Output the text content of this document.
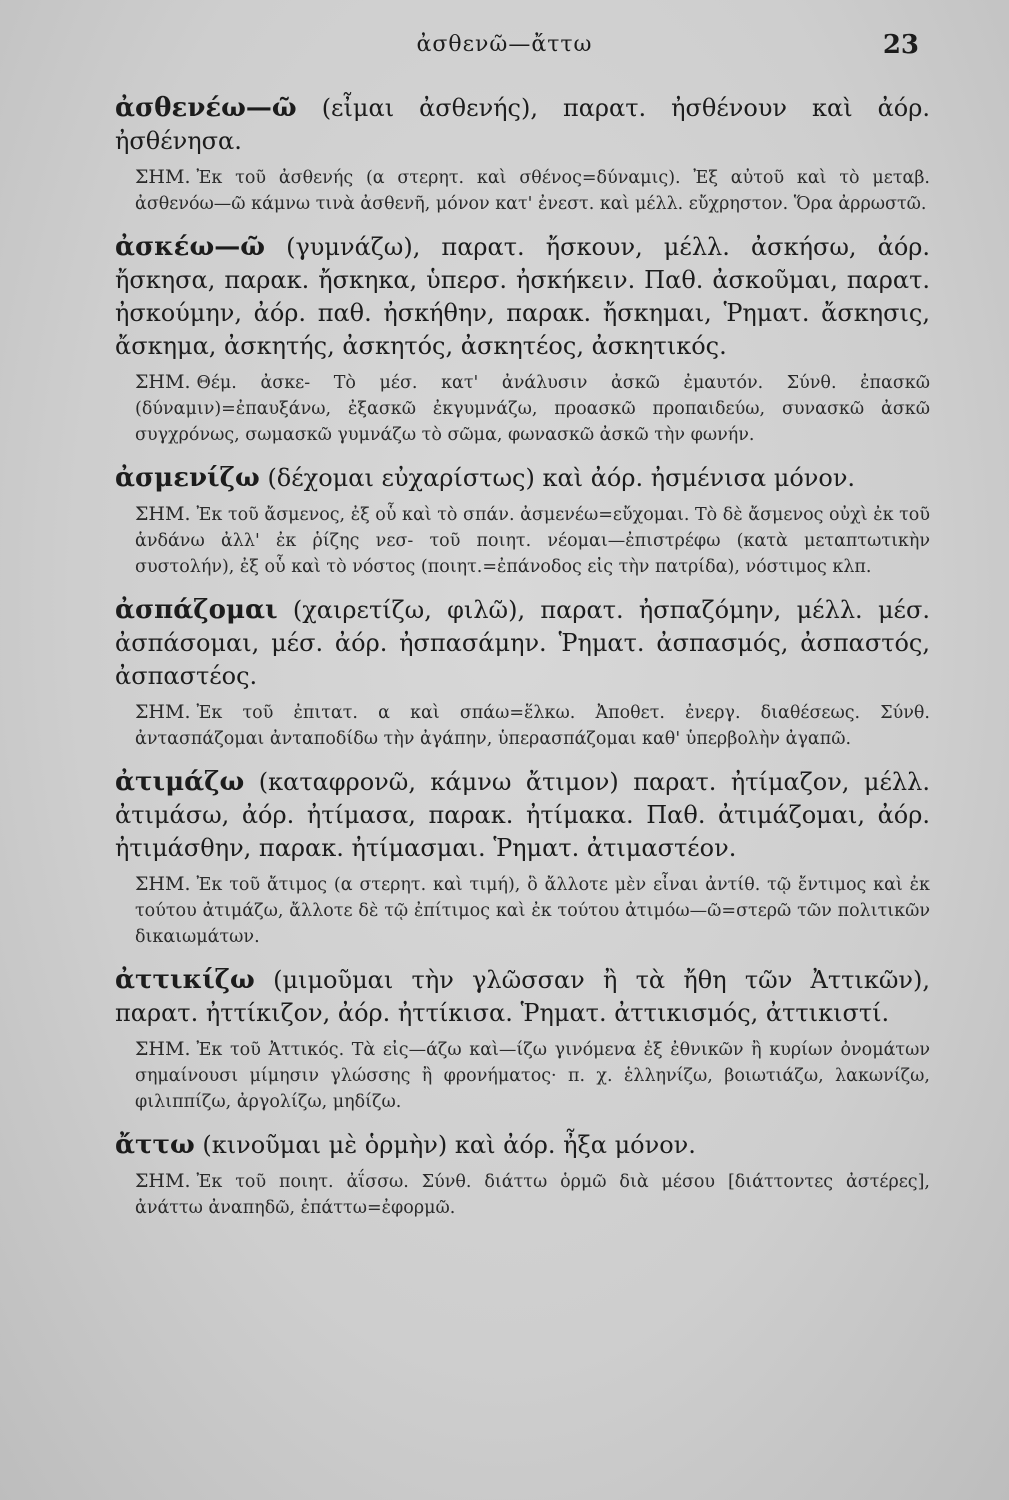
ἀσθενῶ—ἄττω	23

ἀσθενέω—ῶ (εἶμαι ἀσθενής), παρατ. ἠσθένουν καὶ ἀόρ. ἠσθένησα.

ΣΗΜ. Ἐκ τοῦ ἀσθενής (α στερητ. καὶ σθένος=δύναμις). Ἐξ αὐτοῦ καὶ τὸ μεταβ. ἀσθενόω—ῶ κάμνω τινὰ ἀσθενῆ, μόνον κατ' ἐνεστ. καὶ μέλλ. εὔχρηστον. Ὅρα ἀρρωστῶ.

ἀσκέω—ῶ (γυμνάζω), παρατ. ἤσκουν, μέλλ. ἀσκήσω, ἀόρ. ἤσκησα, παρακ. ἤσκηκα, ὑπερσ. ἠσκήκειν. Παθ. ἀσκοῦμαι, παρατ. ἠσκούμην, ἀόρ. παθ. ἠσκήθην, παρακ. ἤσκημαι, Ῥηματ. ἄσκησις, ἄσκημα, ἀσκητής, ἀσκητός, ἀσκητέος, ἀσκητικός.

ΣΗΜ. Θέμ. ἀσκε- Τὸ μέσ. κατ' ἀνάλυσιν ἀσκῶ ἐμαυτόν. Σύνθ. ἐπασκῶ (δύναμιν)=ἐπαυξάνω, ἐξασκῶ ἐκγυμνάζω, προασκῶ προπαιδεύω, συνασκῶ ἀσκῶ συγχρόνως, σωμασκῶ γυμνάζω τὸ σῶμα, φωνασκῶ ἀσκῶ τὴν φωνήν.

ἀσμενίζω (δέχομαι εὐχαρίστως) καὶ ἀόρ. ἠσμένισα μόνον.

ΣΗΜ. Ἐκ τοῦ ἄσμενος, ἐξ οὗ καὶ τὸ σπάν. ἀσμενέω=εὔχομαι. Τὸ δὲ ἄσμενος οὐχὶ ἐκ τοῦ ἁνδάνω ἀλλ' ἐκ ῥίζης νεσ- τοῦ ποιητ. νέομαι—ἐπιστρέφω (κατὰ μεταπτωτικὴν συστολήν), ἐξ οὗ καὶ τὸ νόστος (ποιητ.=ἐπάνοδος εἰς τὴν πατρίδα), νόστιμος κλπ.

ἀσπάζομαι (χαιρετίζω, φιλῶ), παρατ. ἠσπαζόμην, μέλλ. μέσ. ἀσπάσομαι, μέσ. ἀόρ. ἠσπασάμην. Ῥηματ. ἀσπασμός, ἀσπαστός, ἀσπαστέος.

ΣΗΜ. Ἐκ τοῦ ἐπιτατ. α καὶ σπάω=ἕλκω. Ἀποθετ. ἐνεργ. διαθέσεως. Σύνθ. ἀντασπάζομαι ἀνταποδίδω τὴν ἀγάπην, ὑπερασπάζομαι καθ' ὑπερβολὴν ἀγαπῶ.

ἀτιμάζω (καταφρονῶ, κάμνω ἄτιμον) παρατ. ἠτίμαζον, μέλλ. ἀτιμάσω, ἀόρ. ἠτίμασα, παρακ. ἠτίμακα. Παθ. ἀτιμάζομαι, ἀόρ. ἠτιμάσθην, παρακ. ἠτίμασμαι. Ῥηματ. ἀτιμαστέον.

ΣΗΜ. Ἐκ τοῦ ἄτιμος (α στερητ. καὶ τιμή), ὃ ἄλλοτε μὲν εἶναι ἀντίθ. τῷ ἔντιμος καὶ ἐκ τούτου ἀτιμάζω, ἄλλοτε δὲ τῷ ἐπίτιμος καὶ ἐκ τούτου ἀτιμόω—ῶ=στερῶ τῶν πολιτικῶν δικαιωμάτων.

ἀττικίζω (μιμοῦμαι τὴν γλῶσσαν ἢ τὰ ἤθη τῶν Ἀττικῶν), παρατ. ἠττίκιζον, ἀόρ. ἠττίκισα. Ῥηματ. ἀττικισμός, ἀττικιστί.

ΣΗΜ. Ἐκ τοῦ Ἀττικός. Τὰ εἰς—άζω καὶ—ίζω γινόμενα ἐξ ἐθνικῶν ἢ κυρίων ὀνομάτων σημαίνουσι μίμησιν γλώσσης ἢ φρονήματος· π. χ. ἑλληνίζω, βοιωτιάζω, λακωνίζω, φιλιππίζω, ἀργολίζω, μηδίζω.

ἄττω (κινοῦμαι μὲ ὁρμὴν) καὶ ἀόρ. ἦξα μόνον.

ΣΗΜ. Ἐκ τοῦ ποιητ. ἀΐσσω. Σύνθ. διάττω ὁρμῶ διὰ μέσου [διάττοντες ἀστέρες], ἀνάττω ἀναπηδῶ, ἐπάττω=ἐφορμῶ.
